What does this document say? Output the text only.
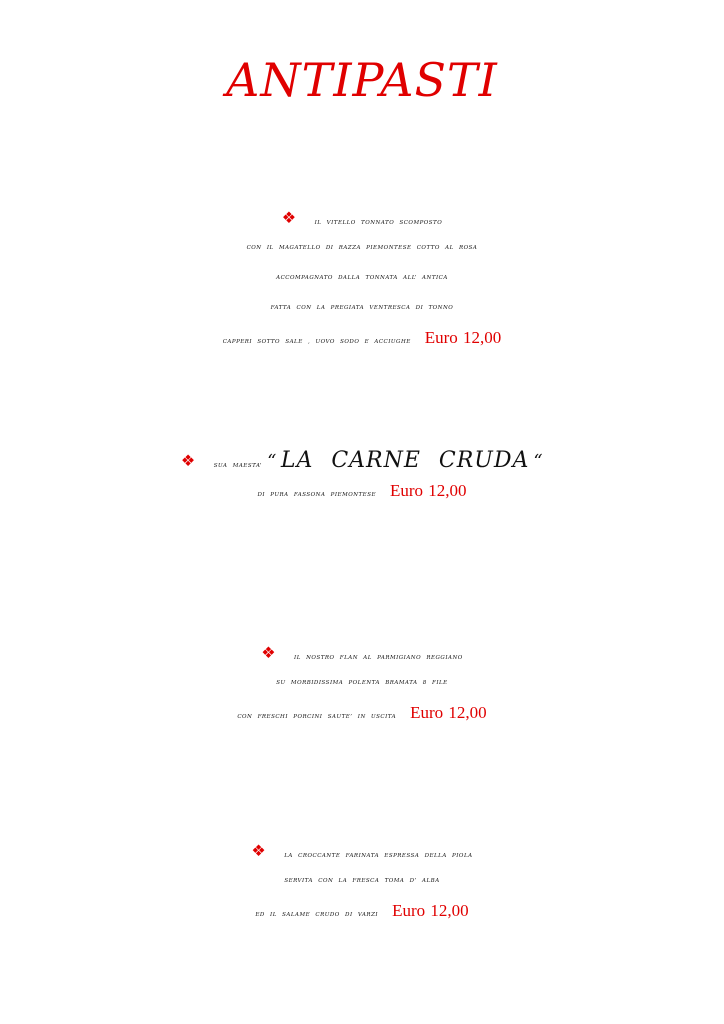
ANTIPASTI
❖	IL VITELLO TONNATO SCOMPOSTO
CON IL MAGATELLO DI RAZZA PIEMONTESE COTTO AL ROSA
ACCOMPAGNATO DALLA TONNATA ALL’ ANTICA
FATTA CON LA PREGIATA VENTRESCA DI TONNO
CAPPERI SOTTO SALE , UOVO SODO E ACCIUGHE Euro 12,00
❖	SUA MAESTA’ “ LA CARNE CRUDA “
DI PURA FASSONA PIEMONTESE Euro 12,00
❖	IL NOSTRO FLAN AL PARMIGIANO REGGIANO
SU MORBIDISSIMA POLENTA BRAMATA 8 FILE
CON FRESCHI PORCINI SAUTE’ IN USCITA Euro 12,00
❖	LA CROCCANTE FARINATA ESPRESSA DELLA PIOLA
SERVITA CON LA FRESCA TOMA D’ ALBA
ED IL SALAME CRUDO DI VARZI Euro 12,00
